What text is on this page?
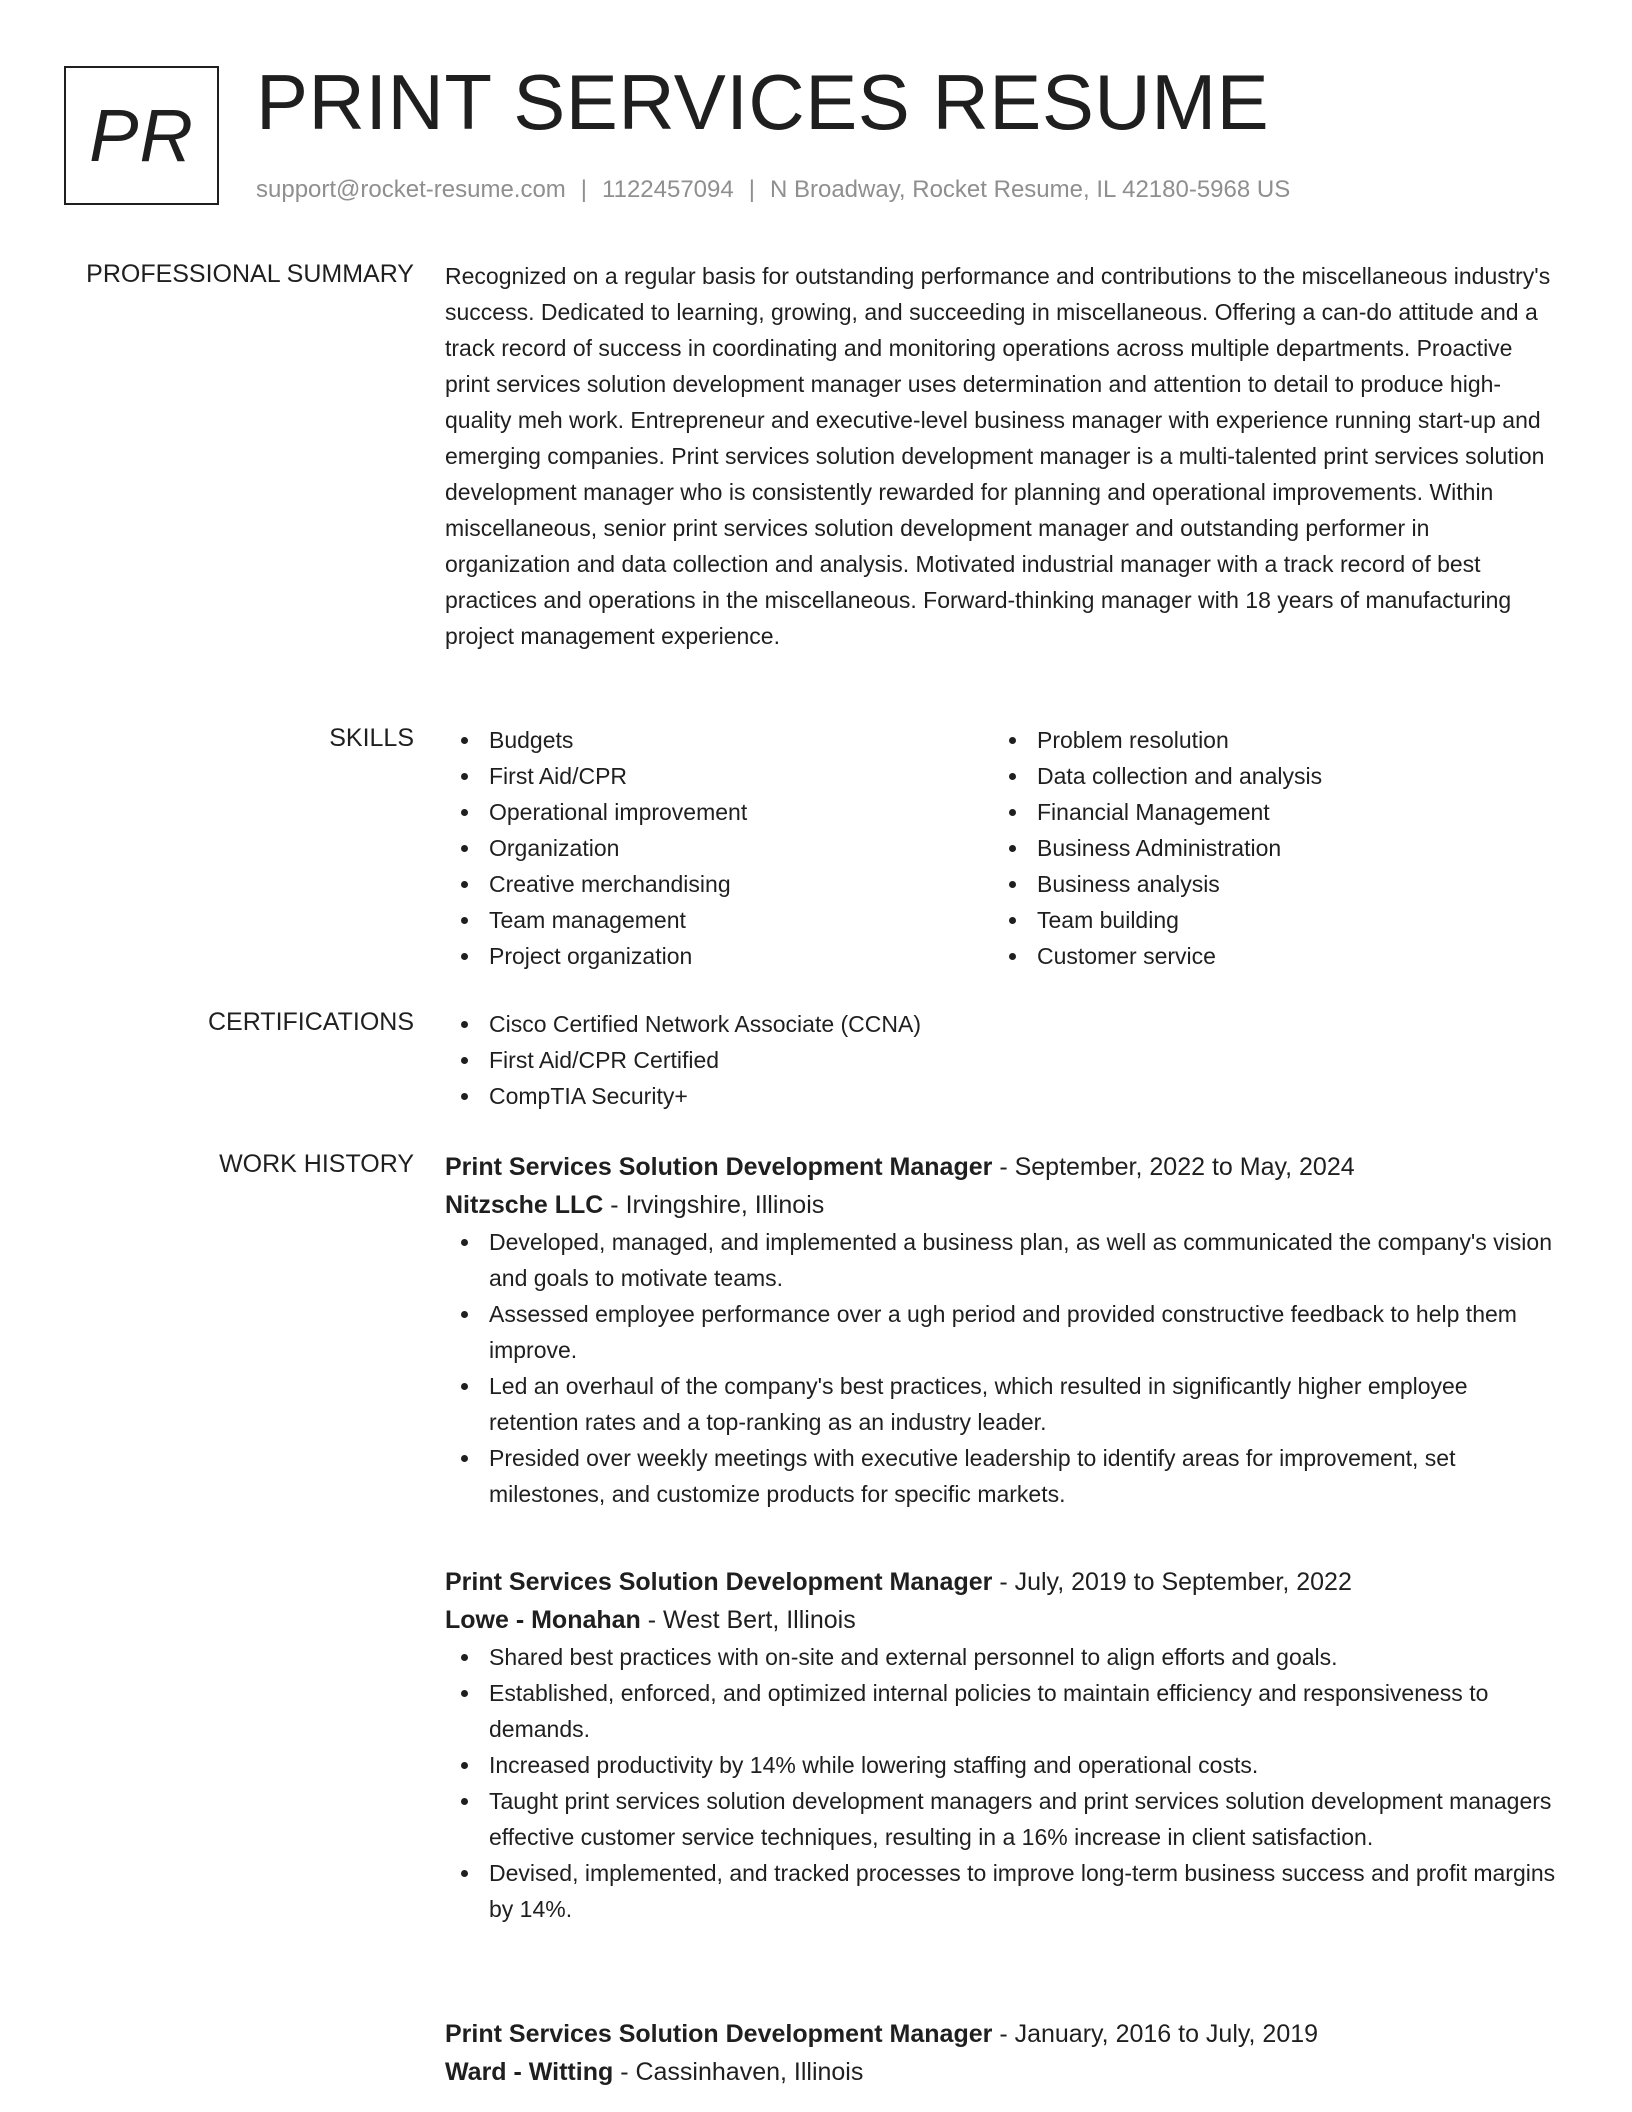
PR PRINT SERVICES RESUME
support@rocket-resume.com | 1122457094 | N Broadway, Rocket Resume, IL 42180-5968 US
PROFESSIONAL SUMMARY Recognized on a regular basis for outstanding performance and contributions to the miscellaneous industry's success. Dedicated to learning, growing, and succeeding in miscellaneous. Offering a can-do attitude and a track record of success in coordinating and monitoring operations across multiple departments. Proactive print services solution development manager uses determination and attention to detail to produce high-quality meh work. Entrepreneur and executive-level business manager with experience running start-up and emerging companies. Print services solution development manager is a multi-talented print services solution development manager who is consistently rewarded for planning and operational improvements. Within miscellaneous, senior print services solution development manager and outstanding performer in organization and data collection and analysis. Motivated industrial manager with a track record of best practices and operations in the miscellaneous. Forward-thinking manager with 18 years of manufacturing project management experience.

SKILLS	Budgets
First Aid/CPR
Operational improvement
Organization
Creative merchandising
Team management
Project organization
Problem resolution
Data collection and analysis
Financial Management
Business Administration
Business analysis
Team building
Customer service
CERTIFICATIONS	Cisco Certified Network Associate (CCNA)
First Aid/CPR Certified
CompTIA Security+
WORK HISTORY Print Services Solution Development Manager - September, 2022 to May, 2024
Nitzsche LLC - Irvingshire, Illinois
Developed, managed, and implemented a business plan, as well as communicated the company's vision and goals to motivate teams.
Assessed employee performance over a ugh period and provided constructive feedback to help them improve.
Led an overhaul of the company's best practices, which resulted in significantly higher employee retention rates and a top-ranking as an industry leader.
Presided over weekly meetings with executive leadership to identify areas for improvement, set milestones, and customize products for specific markets.
Print Services Solution Development Manager - July, 2019 to September, 2022
Lowe - Monahan - West Bert, Illinois
Shared best practices with on-site and external personnel to align efforts and goals.
Established, enforced, and optimized internal policies to maintain efficiency and responsiveness to demands.
Increased productivity by 14% while lowering staffing and operational costs.
Taught print services solution development managers and print services solution development managers effective customer service techniques, resulting in a 16% increase in client satisfaction.
Devised, implemented, and tracked processes to improve long-term business success and profit margins by 14%.
Print Services Solution Development Manager - January, 2016 to July, 2019
Ward - Witting - Cassinhaven, Illinois
